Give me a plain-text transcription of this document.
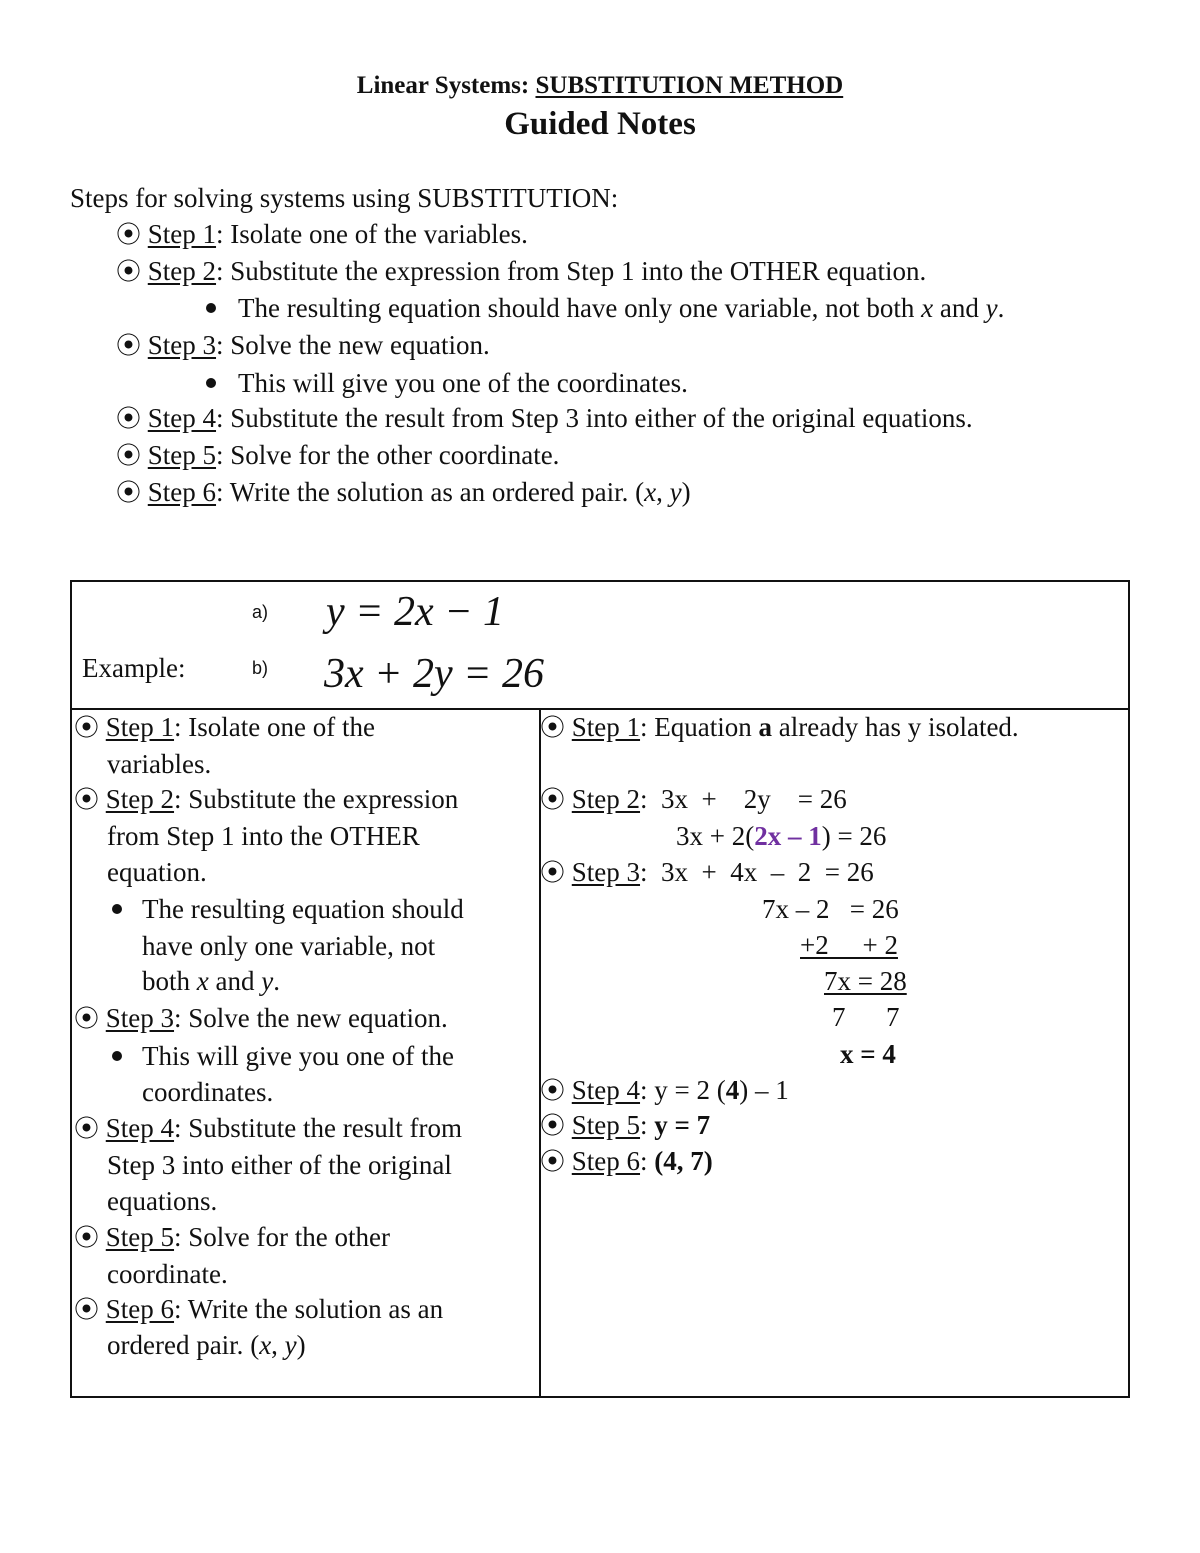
Linear Systems: SUBSTITUTION METHOD
Guided Notes
Steps for solving systems using SUBSTITUTION:
⦿ Step 1: Isolate one of the variables.
⦿ Step 2: Substitute the expression from Step 1 into the OTHER equation.
The resulting equation should have only one variable, not both x and y.
⦿ Step 3: Solve the new equation.
This will give you one of the coordinates.
⦿ Step 4: Substitute the result from Step 3 into either of the original equations.
⦿ Step 5: Solve for the other coordinate.
⦿ Step 6: Write the solution as an ordered pair. (x, y)
a) y = 2x − 1
Example:	b) 3x + 2y = 26
⦿ Step 1: Isolate one of the
variables.
⦿ Step 2: Substitute the expression
from Step 1 into the OTHER
equation.
The resulting equation should
have only one variable, not
both x and y.
⦿ Step 3: Solve the new equation.
This will give you one of the
coordinates.
⦿ Step 4: Substitute the result from
Step 3 into either of the original
equations.
⦿ Step 5: Solve for the other
coordinate.
⦿ Step 6: Write the solution as an
ordered pair. (x, y)
⦿ Step 1: Equation a already has y isolated.
⦿ Step 2:  3x  +    2y    = 26
3x + 2(2x – 1) = 26
⦿ Step 3:  3x  +  4x  –  2  = 26
7x – 2   = 26
+2     + 2
7x = 28
7      7
x = 4
⦿ Step 4: y = 2 (4) – 1
⦿ Step 5: y = 7
⦿ Step 6: (4, 7)
